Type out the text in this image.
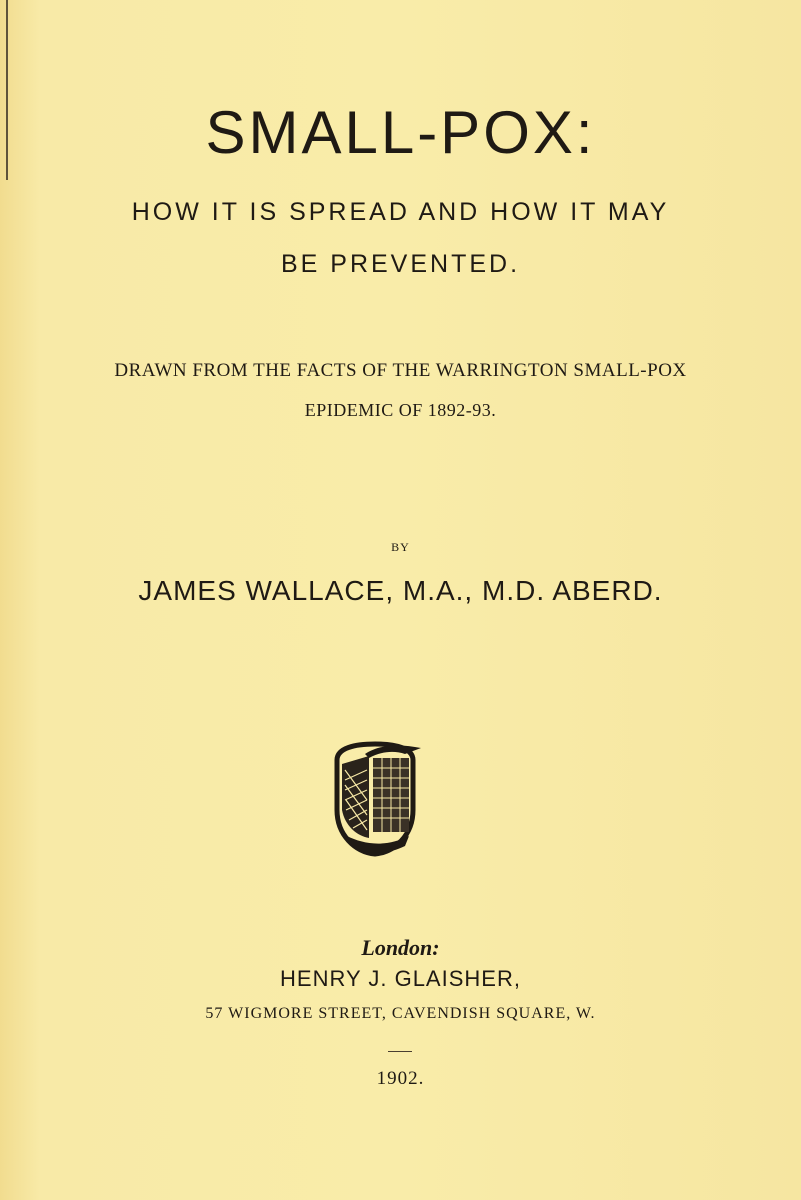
SMALL-POX:
HOW IT IS SPREAD AND HOW IT MAY
BE PREVENTED.
DRAWN FROM THE FACTS OF THE WARRINGTON SMALL-POX
EPIDEMIC OF 1892-93.
BY
JAMES WALLACE, M.A., M.D. ABERD.
London:
HENRY J. GLAISHER,
57 WIGMORE STREET, CAVENDISH SQUARE, W.
1902.
